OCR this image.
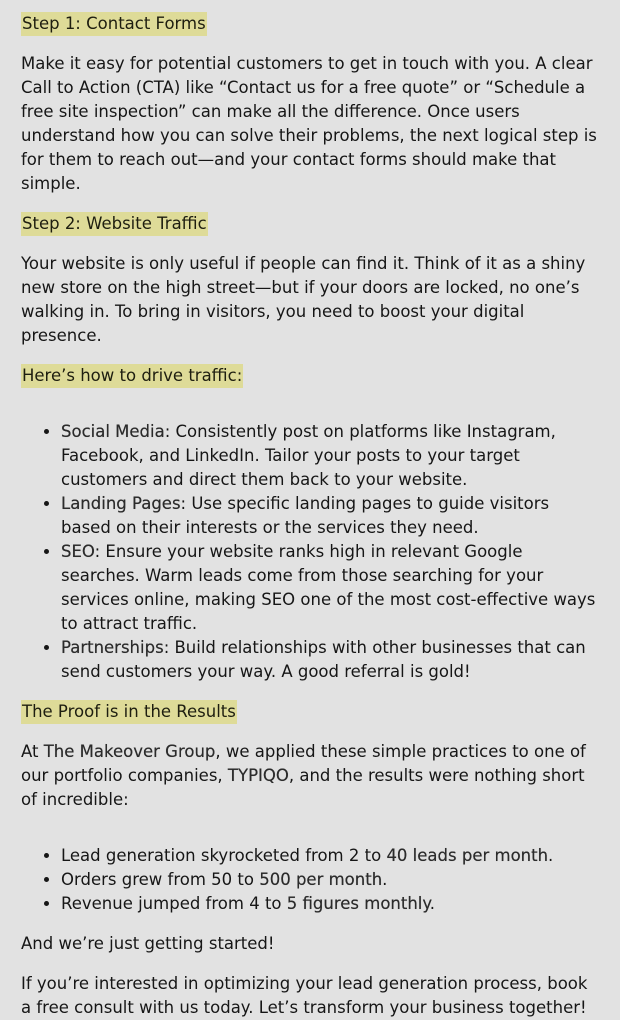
Step 1: Contact Forms

Make it easy for potential customers to get in touch with you. A clear Call to Action (CTA) like “Contact us for a free quote” or “Schedule a free site inspection” can make all the difference. Once users understand how you can solve their problems, the next logical step is for them to reach out—and your contact forms should make that simple.

Step 2: Website Traffic

Your website is only useful if people can find it. Think of it as a shiny new store on the high street—but if your doors are locked, no one’s walking in. To bring in visitors, you need to boost your digital presence.

Here’s how to drive traffic:

• Social Media: Consistently post on platforms like Instagram, Facebook, and LinkedIn. Tailor your posts to your target customers and direct them back to your website.
• Landing Pages: Use specific landing pages to guide visitors based on their interests or the services they need.
• SEO: Ensure your website ranks high in relevant Google searches. Warm leads come from those searching for your services online, making SEO one of the most cost-effective ways to attract traffic.
• Partnerships: Build relationships with other businesses that can send customers your way. A good referral is gold!

The Proof is in the Results

At The Makeover Group, we applied these simple practices to one of our portfolio companies, TYPIQO, and the results were nothing short of incredible:

• Lead generation skyrocketed from 2 to 40 leads per month.
• Orders grew from 50 to 500 per month.
• Revenue jumped from 4 to 5 figures monthly.

And we’re just getting started!

If you’re interested in optimizing your lead generation process, book a free consult with us today. Let’s transform your business together!
